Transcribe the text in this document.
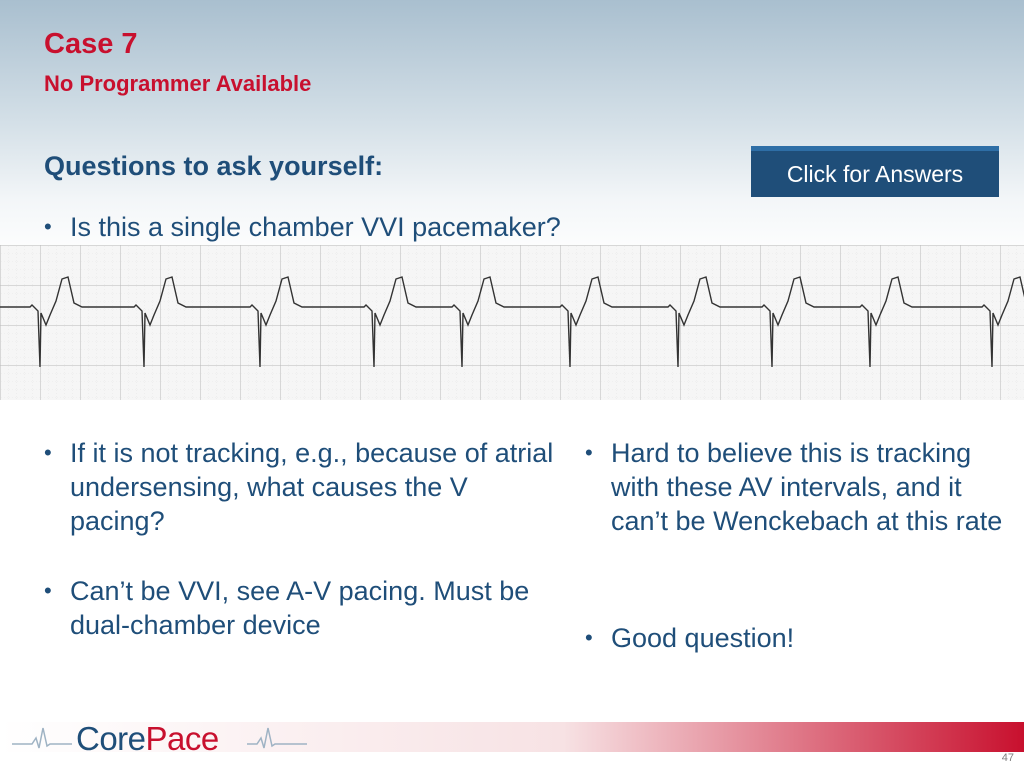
Case 7
No Programmer Available
Questions to ask yourself:	Click for Answers
• Is this a single chamber VVI pacemaker?
• If it is not tracking, e.g., because of atrial undersensing, what causes the V pacing?
• Can’t be VVI, see A-V pacing. Must be dual-chamber device
• Hard to believe this is tracking with these AV intervals, and it can’t be Wenckebach at this rate
• Good question!
CorePace
47
